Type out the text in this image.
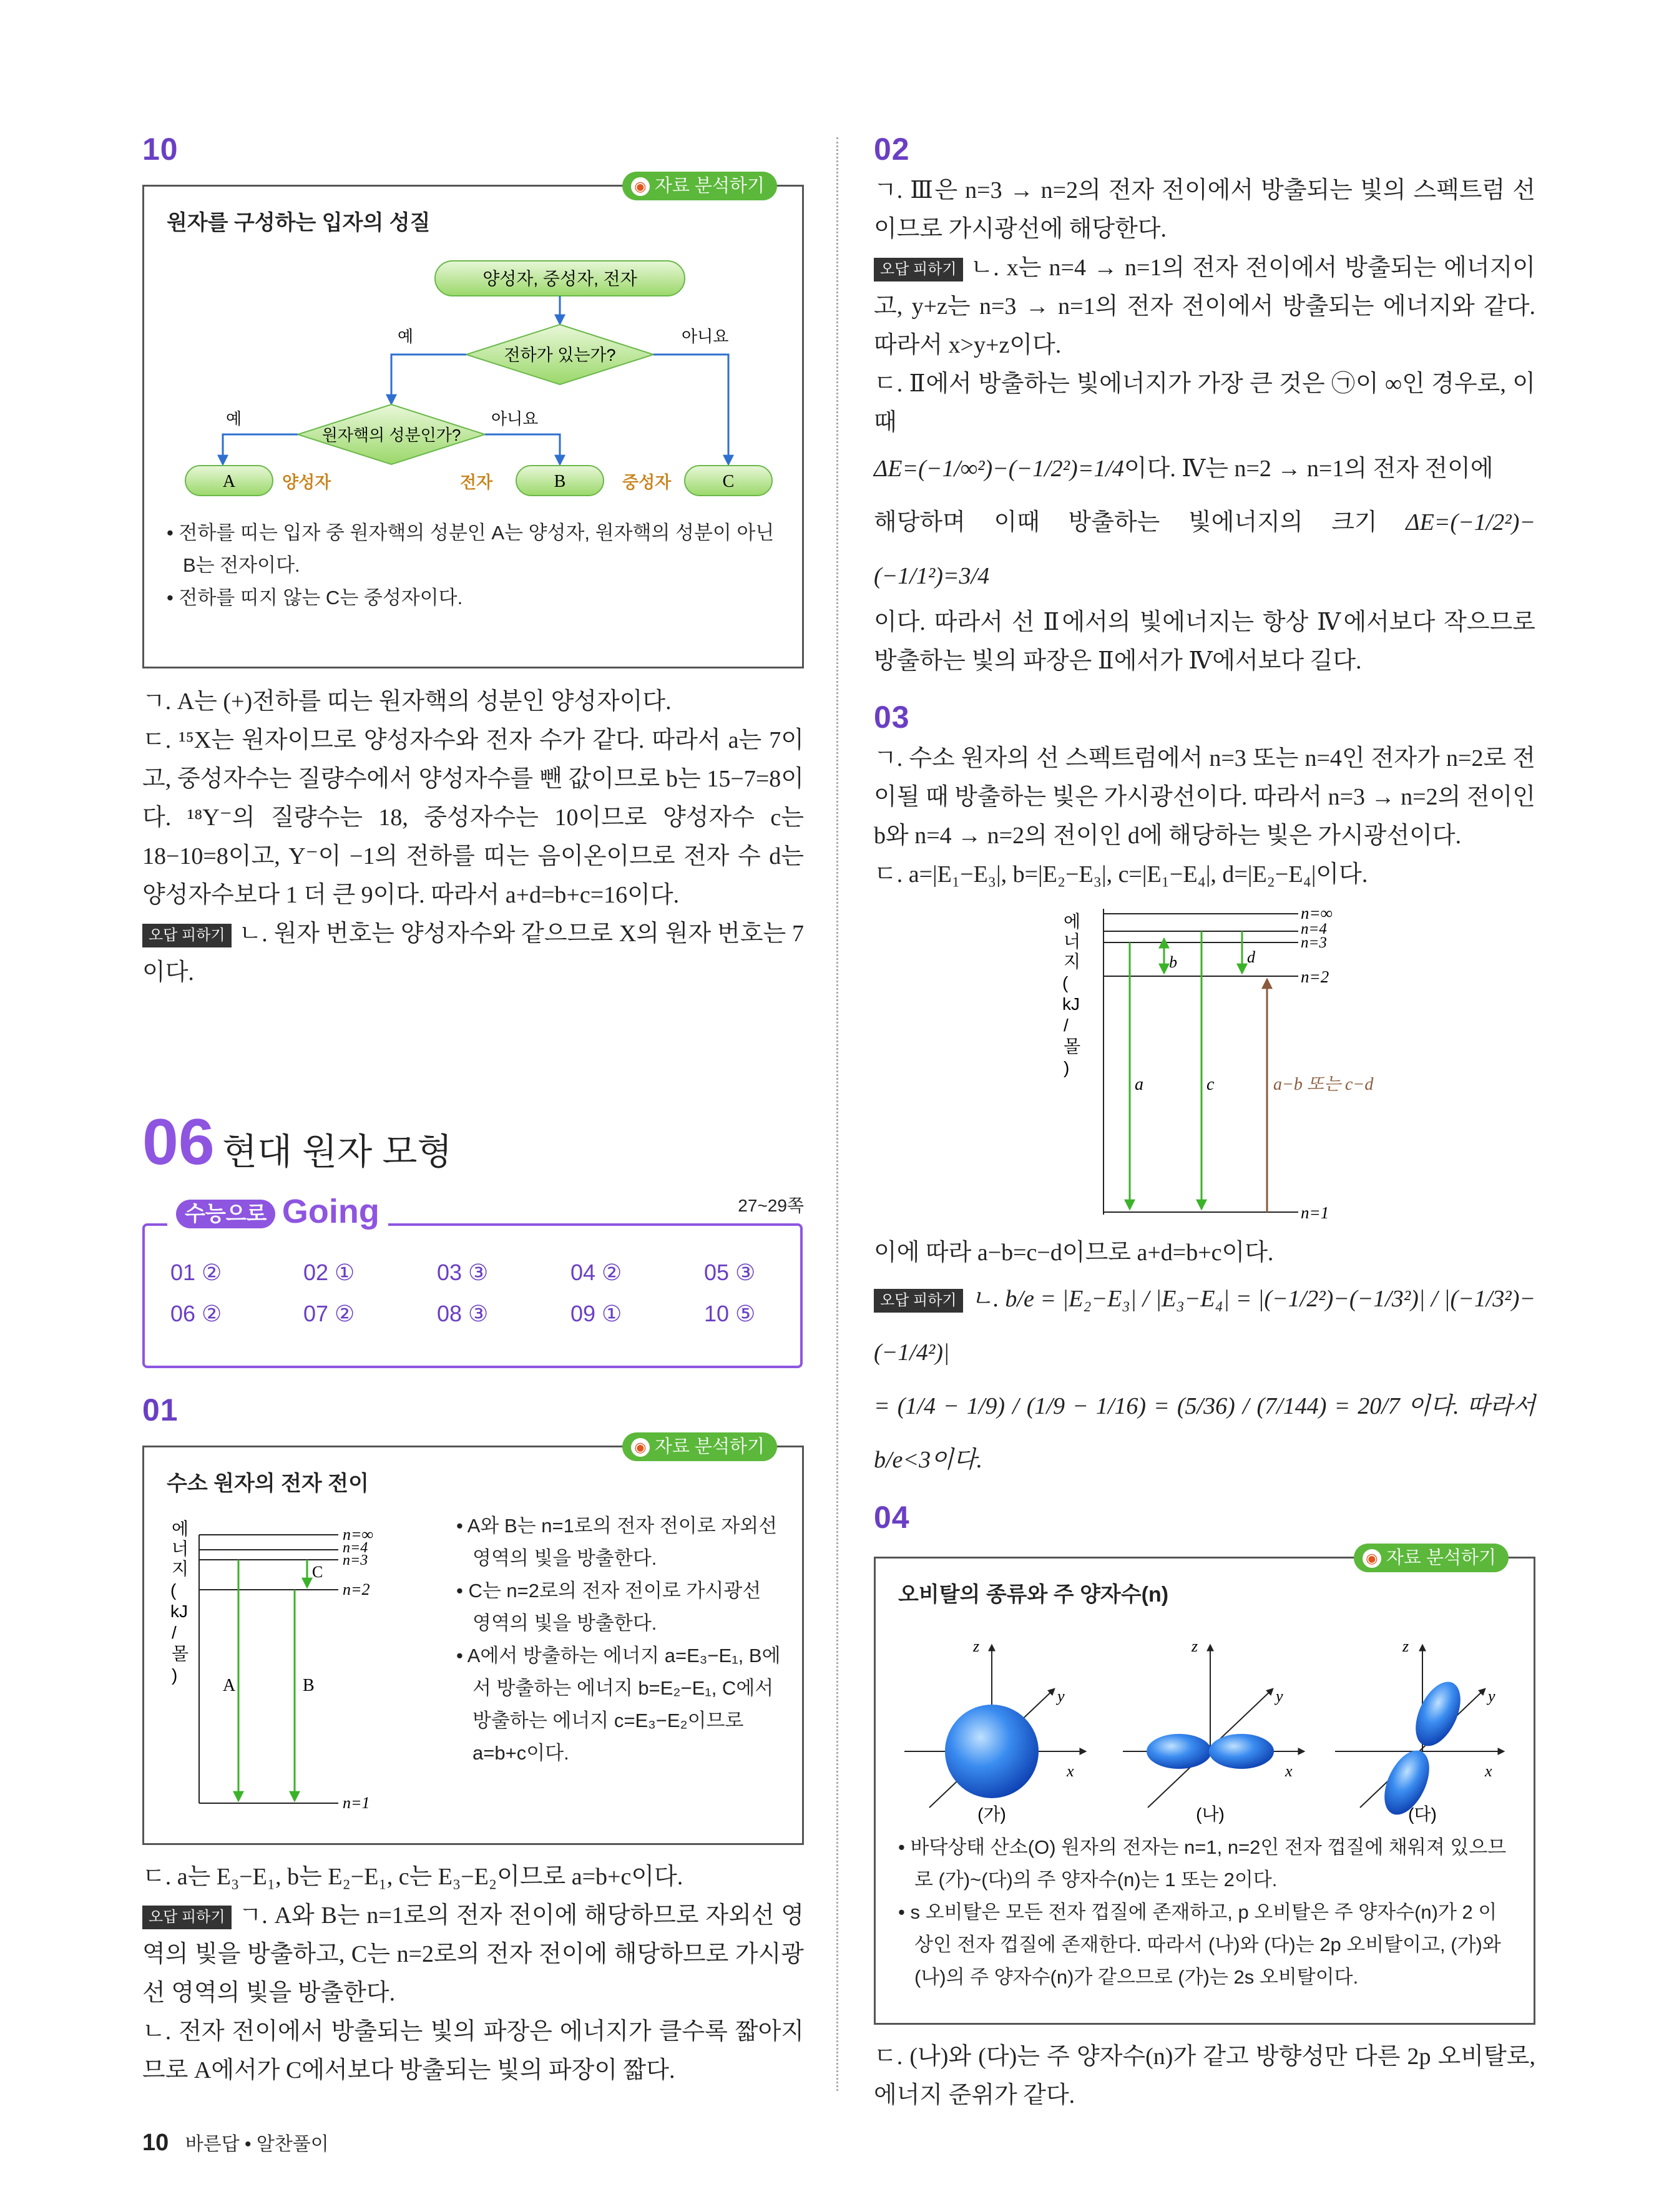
10
◉ 자료 분석하기
원자를 구성하는 입자의 성질
양성자, 중성자, 전자
전하가 있는가?
예	아니요
원자핵의 성분인가?
예	아니요
A	양성자	전자	B	중성자	C
• 전하를 띠는 입자 중 원자핵의 성분인 A는 양성자, 원자핵의 성분이 아닌 B는 전자이다.
• 전하를 띠지 않는 C는 중성자이다.
ㄱ. A는 (+)전하를 띠는 원자핵의 성분인 양성자이다.
ㄷ. ¹⁵X는 원자이므로 양성자수와 전자 수가 같다. 따라서 a는 7이고, 중성자수는 질량수에서 양성자수를 뺀 값이므로 b는 15−7=8이다. ¹⁸Y⁻의 질량수는 18, 중성자수는 10이므로 양성자수 c는 18−10=8이고, Y⁻이 −1의 전하를 띠는 음이온이므로 전자 수 d는 양성자수보다 1 더 큰 9이다. 따라서 a+d=b+c=16이다.
오답 피하기 ㄴ. 원자 번호는 양성자수와 같으므로 X의 원자 번호는 7이다.
06 현대 원자 모형
수능으로 Going	27~29쪽
01 ②	02 ①	03 ③	04 ②	05 ③
06 ②	07 ②	08 ③	09 ①	10 ⑤
01
◉ 자료 분석하기
수소 원자의 전자 전이
에 너 지 ( kJ / 몰 )
n=∞
n=4
n=3
n=2
n=1
A	B
C
• A와 B는 n=1로의 전자 전이로 자외선 영역의 빛을 방출한다.
• C는 n=2로의 전자 전이로 가시광선 영역의 빛을 방출한다.
• A에서 방출하는 에너지 a=E₃−E₁, B에서 방출하는 에너지 b=E₂−E₁, C에서 방출하는 에너지 c=E₃−E₂이므로 a=b+c이다.
ㄷ. a는 E₃−E₁, b는 E₂−E₁, c는 E₃−E₂이므로 a=b+c이다.
오답 피하기 ㄱ. A와 B는 n=1로의 전자 전이에 해당하므로 자외선 영역의 빛을 방출하고, C는 n=2로의 전자 전이에 해당하므로 가시광선 영역의 빛을 방출한다.
ㄴ. 전자 전이에서 방출되는 빛의 파장은 에너지가 클수록 짧아지므로 A에서가 C에서보다 방출되는 빛의 파장이 짧다.
02
ㄱ. Ⅲ은 n=3 → n=2의 전자 전이에서 방출되는 빛의 스펙트럼 선이므로 가시광선에 해당한다.
오답 피하기 ㄴ. x는 n=4 → n=1의 전자 전이에서 방출되는 에너지이고, y+z는 n=3 → n=1의 전자 전이에서 방출되는 에너지와 같다. 따라서 x>y+z이다.
ㄷ. Ⅱ에서 방출하는 빛에너지가 가장 큰 것은 ㉠이 ∞인 경우로, 이때
ΔE=(−1/∞²)−(−1/2²)=1/4이다. Ⅳ는 n=2 → n=1의 전자 전이에
해당하며 이때 방출하는 빛에너지의 크기 ΔE=(−1/2²)−(−1/1²)=3/4
이다. 따라서 선 Ⅱ에서의 빛에너지는 항상 Ⅳ에서보다 작으므로 방출하는 빛의 파장은 Ⅱ에서가 Ⅳ에서보다 길다.
03
ㄱ. 수소 원자의 선 스펙트럼에서 n=3 또는 n=4인 전자가 n=2로 전이될 때 방출하는 빛은 가시광선이다. 따라서 n=3 → n=2의 전이인 b와 n=4 → n=2의 전이인 d에 해당하는 빛은 가시광선이다.
ㄷ. a=|E₁−E₃|, b=|E₂−E₃|, c=|E₁−E₄|, d=|E₂−E₄|이다.
에 너 지 ( kJ / 몰 )
n=∞
n=4
n=3
n=2
n=1
a
b
c
d
a−b 또는 c−d
이에 따라 a−b=c−d이므로 a+d=b+c이다.
오답 피하기 ㄴ. b/e = |E₂−E₃| / |E₃−E₄| = |(−1/2²)−(−1/3²)| / |(−1/3²)−(−1/4²)|
= (1/4 − 1/9) / (1/9 − 1/16) = (5/36) / (7/144) = 20/7 이다. 따라서 b/e<3이다.
04
◉ 자료 분석하기
오비탈의 종류와 주 양자수(n)
z
y
x
(가)
z
y
x
(나)
z
y
x
(다)
• 바닥상태 산소(O) 원자의 전자는 n=1, n=2인 전자 껍질에 채워져 있으므로 (가)~(다)의 주 양자수(n)는 1 또는 2이다.
• s 오비탈은 모든 전자 껍질에 존재하고, p 오비탈은 주 양자수(n)가 2 이상인 전자 껍질에 존재한다. 따라서 (나)와 (다)는 2p 오비탈이고, (가)와 (나)의 주 양자수(n)가 같으므로 (가)는 2s 오비탈이다.
ㄷ. (나)와 (다)는 주 양자수(n)가 같고 방향성만 다른 2p 오비탈로, 에너지 준위가 같다.
10 바른답 • 알찬풀이
